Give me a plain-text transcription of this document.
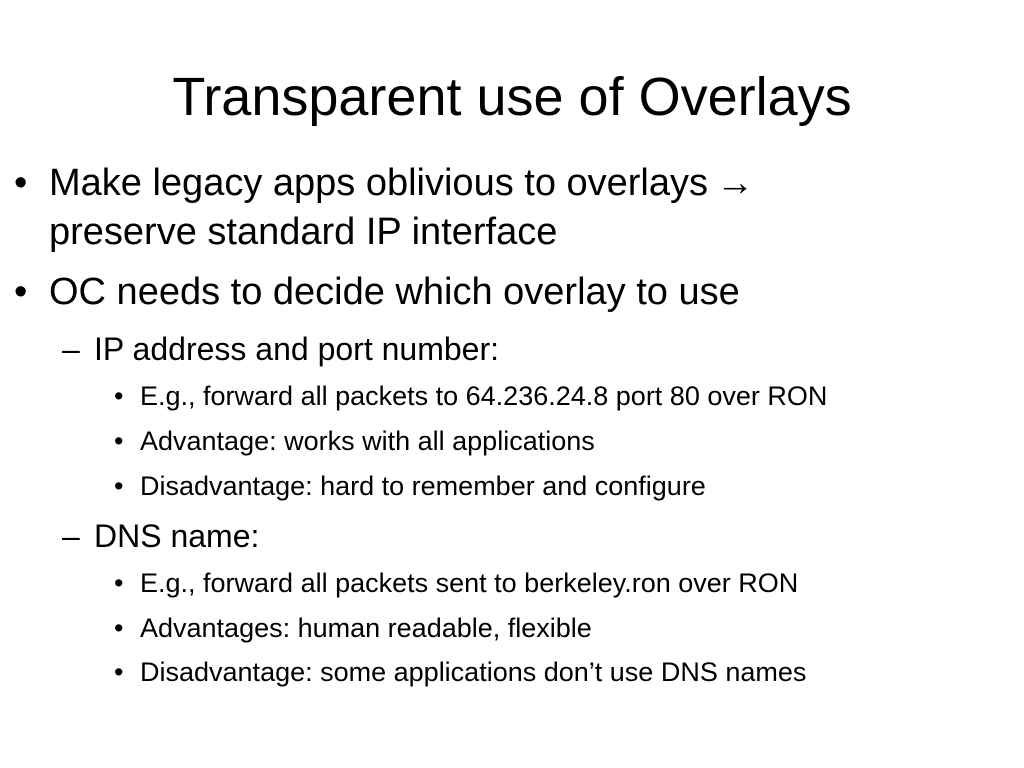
Transparent use of Overlays
• Make legacy apps oblivious to overlays →
preserve standard IP interface
• OC needs to decide which overlay to use
– IP address and port number:
• E.g., forward all packets to 64.236.24.8 port 80 over RON
• Advantage: works with all applications
• Disadvantage: hard to remember and configure
– DNS name:
• E.g., forward all packets sent to berkeley.ron over RON
• Advantages: human readable, flexible
• Disadvantage: some applications don’t use DNS names
